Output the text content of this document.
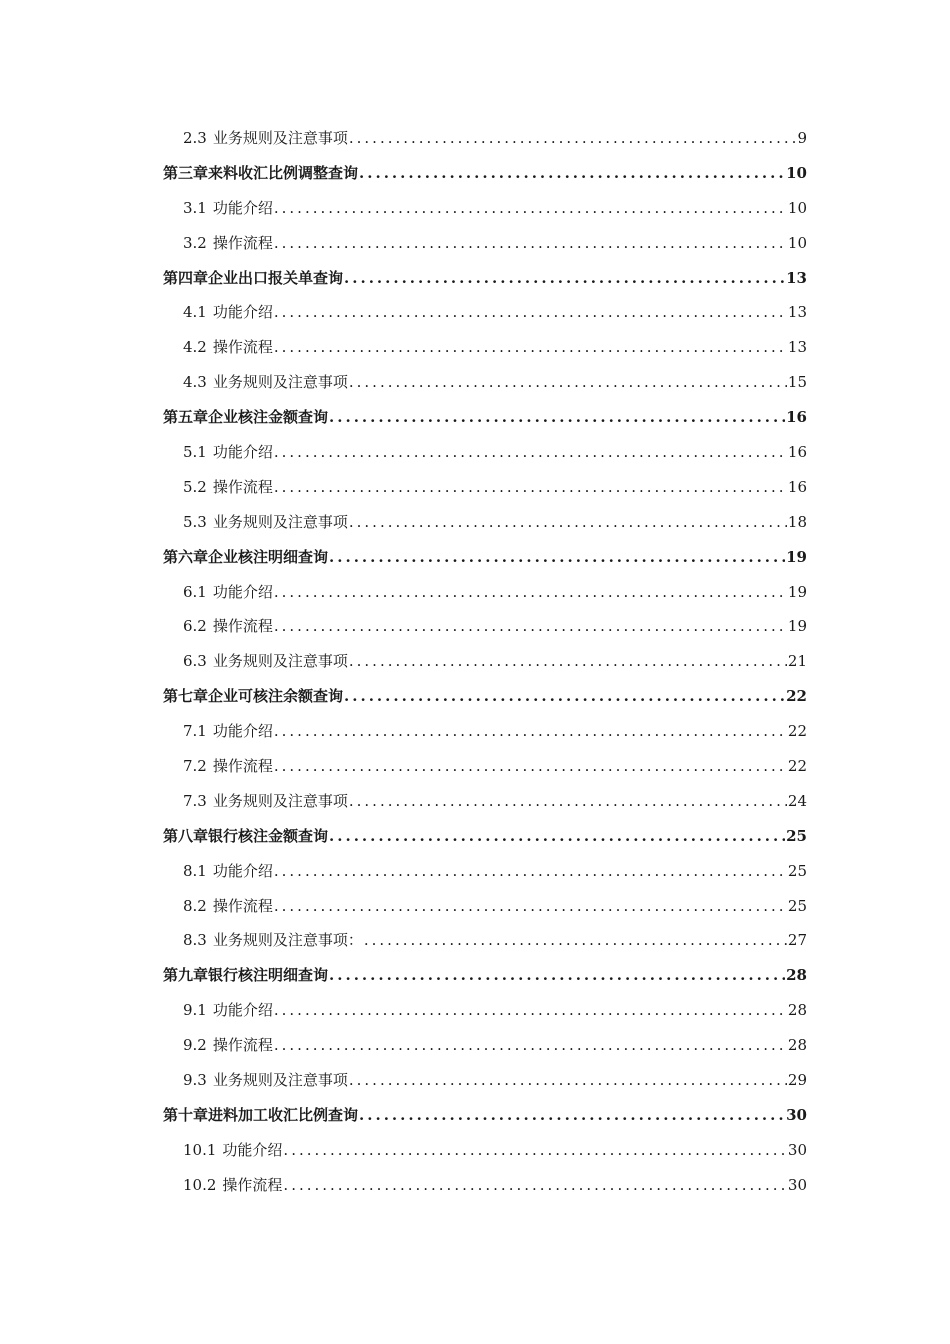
2.3 业务规则及注意事项 .....	9
第三章 来料收汇比例调整查询 .....	10
3.1 功能介绍 .....	10
3.2 操作流程 .....	10
第四章 企业出口报关单查询 .....	13
4.1 功能介绍 .....	13
4.2 操作流程 .....	13
4.3 业务规则及注意事项 .....	15
第五章 企业核注金额查询 .....	16
5.1 功能介绍 .....	16
5.2 操作流程 .....	16
5.3 业务规则及注意事项 .....	18
第六章 企业核注明细查询 .....	19
6.1 功能介绍 .....	19
6.2 操作流程 .....	19
6.3 业务规则及注意事项 .....	21
第七章 企业可核注余额查询 .....	22
7.1 功能介绍 .....	22
7.2 操作流程 .....	22
7.3 业务规则及注意事项 .....	24
第八章 银行核注金额查询 .....	25
8.1 功能介绍 .....	25
8.2 操作流程 .....	25
8.3 业务规则及注意事项： .....	27
第九章 银行核注明细查询 .....	28
9.1 功能介绍 .....	28
9.2 操作流程 .....	28
9.3 业务规则及注意事项 .....	29
第十章 进料加工收汇比例查询 .....	30
10.1 功能介绍 .....	30
10.2 操作流程 .....	30
